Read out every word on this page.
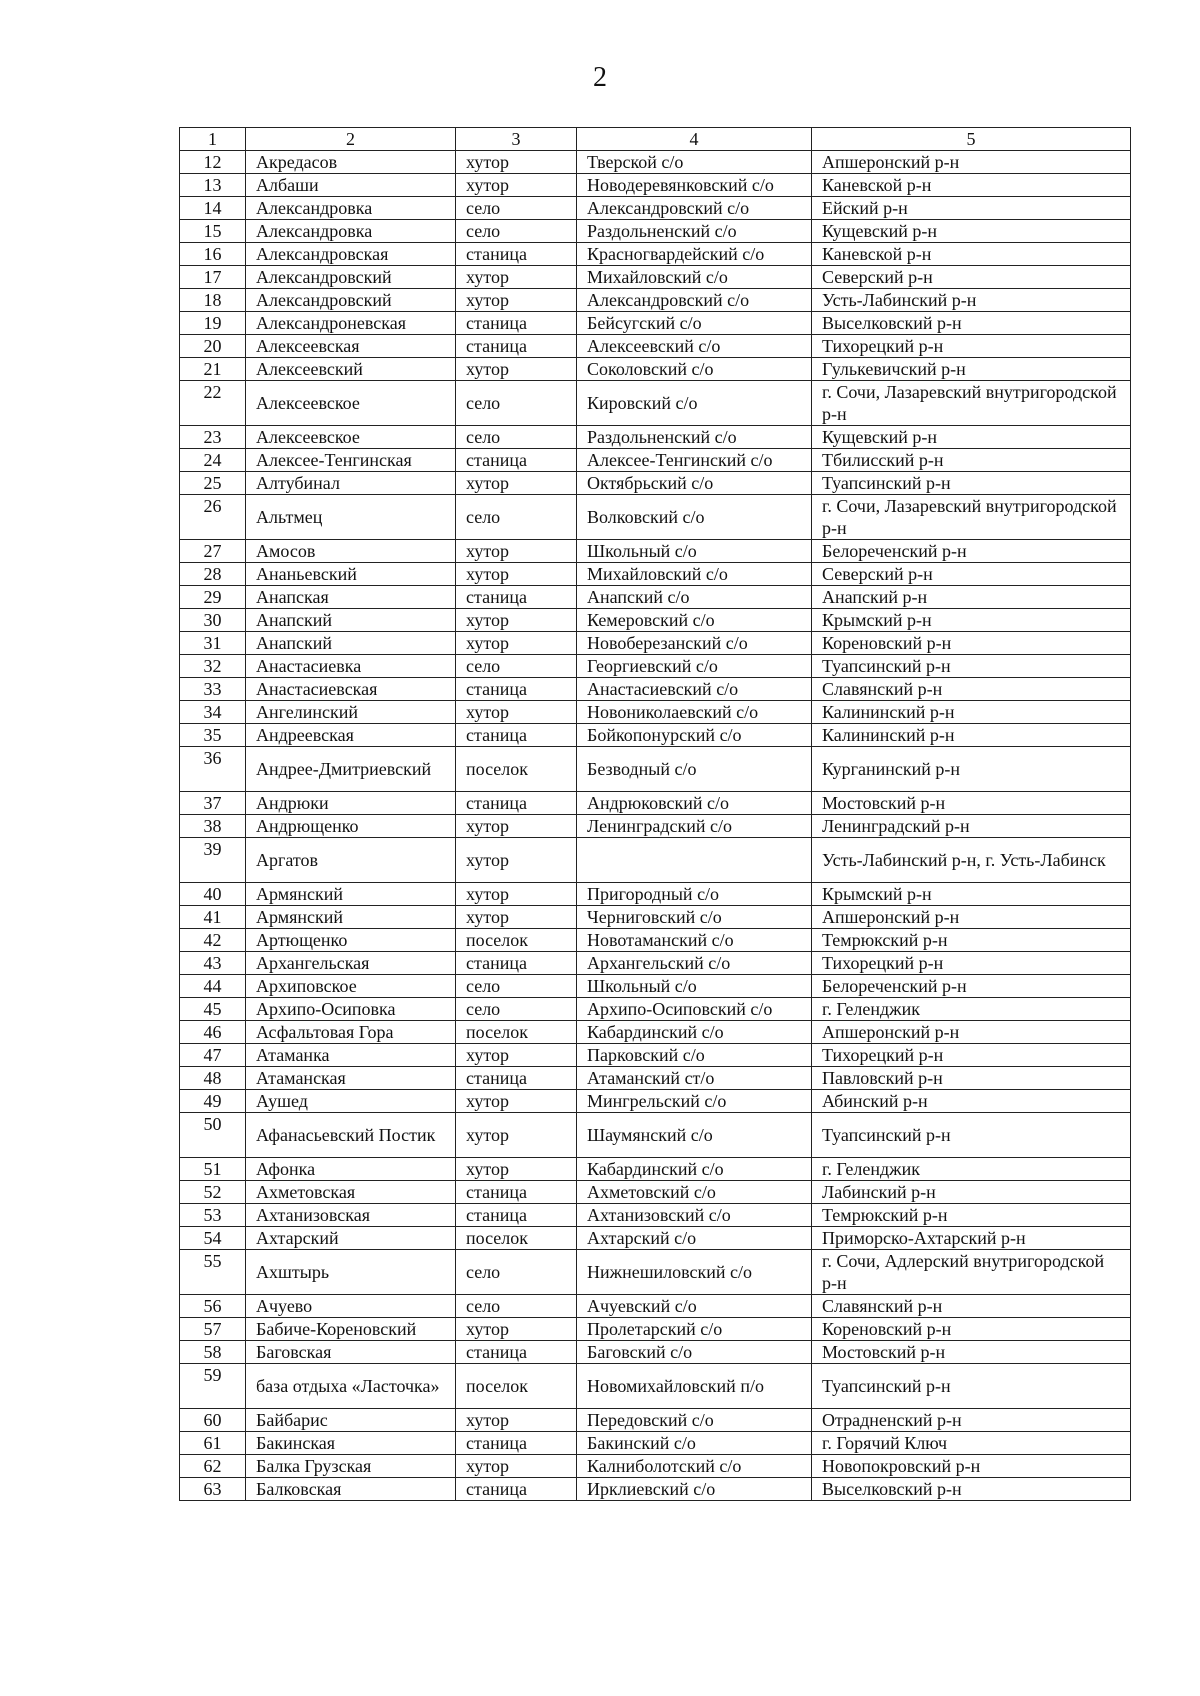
2
1	2	3	4	5
12	Акредасов	хутор	Тверской с/о	Апшеронский р-н
13	Албаши	хутор	Новодеревянковский с/о	Каневской р-н
14	Александровка	село	Александровский с/о	Ейский р-н
15	Александровка	село	Раздольненский с/о	Кущевский р-н
16	Александровская	станица	Красногвардейский с/о	Каневской р-н
17	Александровский	хутор	Михайловский с/о	Северский р-н
18	Александровский	хутор	Александровский с/о	Усть-Лабинский р-н
19	Александроневская	станица	Бейсугский с/о	Выселковский р-н
20	Алексеевская	станица	Алексеевский с/о	Тихорецкий р-н
21	Алексеевский	хутор	Соколовский с/о	Гулькевичский р-н
22	Алексеевское	село	Кировский с/о	г. Сочи, Лазаревский внутригородской р-н
23	Алексеевское	село	Раздольненский с/о	Кущевский р-н
24	Алексее-Тенгинская	станица	Алексее-Тенгинский с/о	Тбилисский р-н
25	Алтубинал	хутор	Октябрьский с/о	Туапсинский р-н
26	Альтмец	село	Волковский с/о	г. Сочи, Лазаревский внутригородской р-н
27	Амосов	хутор	Школьный с/о	Белореченский р-н
28	Ананьевский	хутор	Михайловский с/о	Северский р-н
29	Анапская	станица	Анапский с/о	Анапский р-н
30	Анапский	хутор	Кемеровский с/о	Крымский р-н
31	Анапский	хутор	Новоберезанский с/о	Кореновский р-н
32	Анастасиевка	село	Георгиевский с/о	Туапсинский р-н
33	Анастасиевская	станица	Анастасиевский с/о	Славянский р-н
34	Ангелинский	хутор	Новониколаевский с/о	Калининский р-н
35	Андреевская	станица	Бойкопонурский с/о	Калининский р-н
36	Андрее-Дмитриевский	поселок	Безводный с/о	Курганинский р-н
37	Андрюки	станица	Андрюковский с/о	Мостовский р-н
38	Андрющенко	хутор	Ленинградский с/о	Ленинградский р-н
39	Аргатов	хутор		Усть-Лабинский р-н, г. Усть-Лабинск
40	Армянский	хутор	Пригородный с/о	Крымский р-н
41	Армянский	хутор	Черниговский с/о	Апшеронский р-н
42	Артющенко	поселок	Новотаманский с/о	Темрюкский р-н
43	Архангельская	станица	Архангельский с/о	Тихорецкий р-н
44	Архиповское	село	Школьный с/о	Белореченский р-н
45	Архипо-Осиповка	село	Архипо-Осиповский с/о	г. Геленджик
46	Асфальтовая Гора	поселок	Кабардинский с/о	Апшеронский р-н
47	Атаманка	хутор	Парковский с/о	Тихорецкий р-н
48	Атаманская	станица	Атаманский ст/о	Павловский р-н
49	Аушед	хутор	Мингрельский с/о	Абинский р-н
50	Афанасьевский Постик	хутор	Шаумянский с/о	Туапсинский р-н
51	Афонка	хутор	Кабардинский с/о	г. Геленджик
52	Ахметовская	станица	Ахметовский с/о	Лабинский р-н
53	Ахтанизовская	станица	Ахтанизовский с/о	Темрюкский р-н
54	Ахтарский	поселок	Ахтарский с/о	Приморско-Ахтарский р-н
55	Ахштырь	село	Нижнешиловский с/о	г. Сочи, Адлерский внутригородской р-н
56	Ачуево	село	Ачуевский с/о	Славянский р-н
57	Бабиче-Кореновский	хутор	Пролетарский с/о	Кореновский р-н
58	Баговская	станица	Баговский с/о	Мостовский р-н
59	база отдыха «Ласточка»	поселок	Новомихайловский п/о	Туапсинский р-н
60	Байбарис	хутор	Передовский с/о	Отрадненский р-н
61	Бакинская	станица	Бакинский с/о	г. Горячий Ключ
62	Балка Грузская	хутор	Калниболотский с/о	Новопокровский р-н
63	Балковская	станица	Ирклиевский с/о	Выселковский р-н
